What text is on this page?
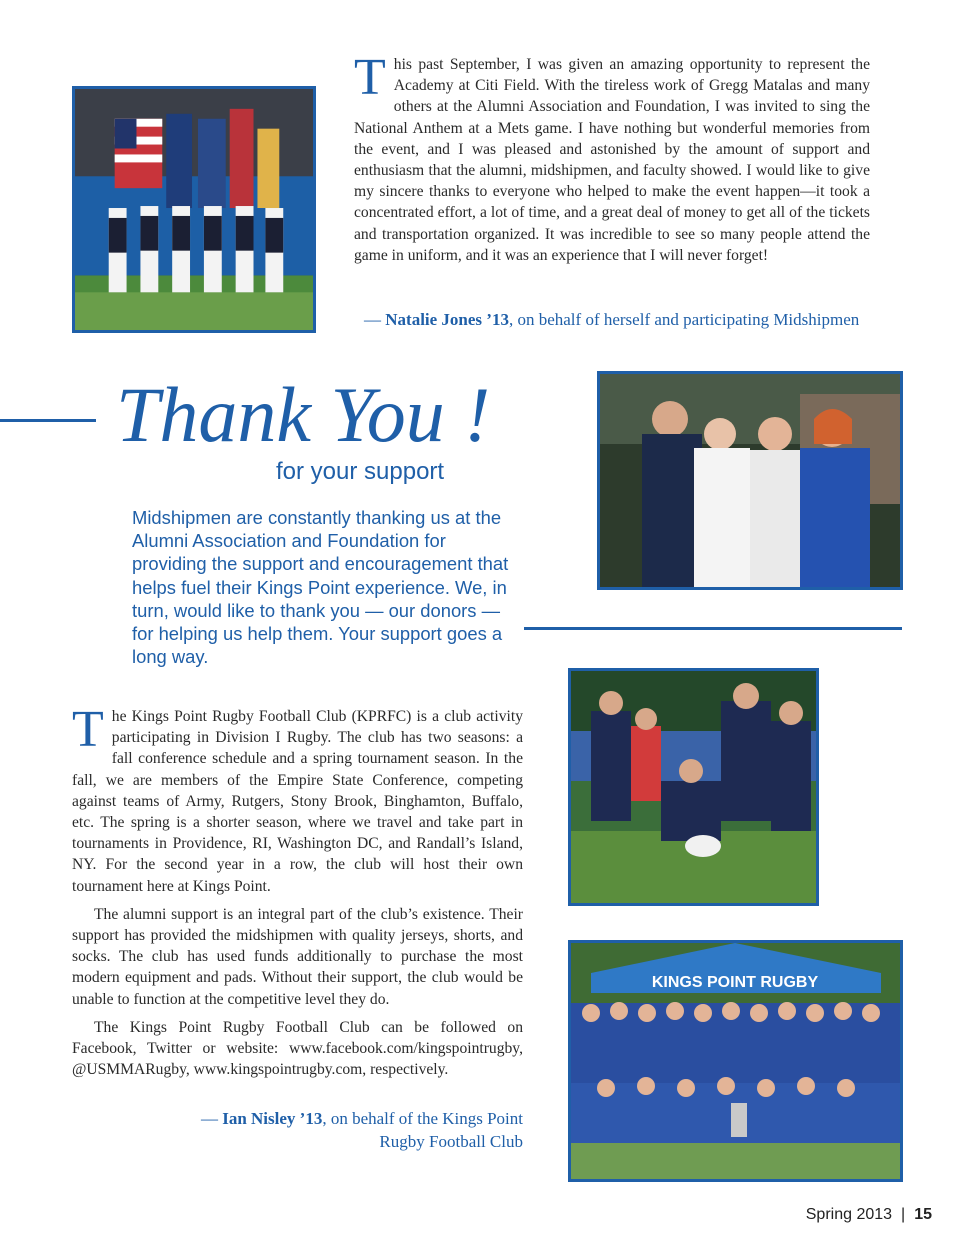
This past September, I was given an amazing opportunity to represent the Academy at Citi Field. With the tireless work of Gregg Matalas and many others at the Alumni Association and Foundation, I was invited to sing the National Anthem at a Mets game. I have nothing but wonderful memories from the event, and I was pleased and astonished by the amount of support and enthusiasm that the alumni, midshipmen, and faculty showed. I would like to give my sincere thanks to everyone who helped to make the event happen—it took a concentrated effort, a lot of time, and a great deal of money to get all of the tickets and transportation organized. It was incredible to see so many people attend the game in uniform, and it was an experience that I will never forget!

— Natalie Jones ’13, on behalf of herself and participating Midshipmen
Thank You !
for your support
Midshipmen are constantly thanking us at the Alumni Association and Foundation for providing the support and encouragement that helps fuel their Kings Point experience. We, in turn, would like to thank you — our donors — for helping us help them. Your support goes a long way.
KINGS POINT RUGBY

The Kings Point Rugby Football Club (KPRFC) is a club activity participating in Division I Rugby. The club has two seasons: a fall conference schedule and a spring tournament season. In the fall, we are members of the Empire State Conference, competing against teams of Army, Rutgers, Stony Brook, Binghamton, Buffalo, etc. The spring is a shorter season, where we travel and take part in tournaments in Providence, RI, Washington DC, and Randall’s Island, NY. For the second year in a row, the club will host their own tournament here at Kings Point.

The alumni support is an integral part of the club’s existence. Their support has provided the midshipmen with quality jerseys, shorts, and socks. The club has used funds additionally to purchase the most modern equipment and pads. Without their support, the club would be unable to function at the competitive level they do.

The Kings Point Rugby Football Club can be followed on Facebook, Twitter or website: www.facebook.com/kingspointrugby, @USMMARugby, www.kingspointrugby.com, respectively.

— Ian Nisley ’13, on behalf of the Kings Point
Rugby Football Club
Spring 2013 | 15
